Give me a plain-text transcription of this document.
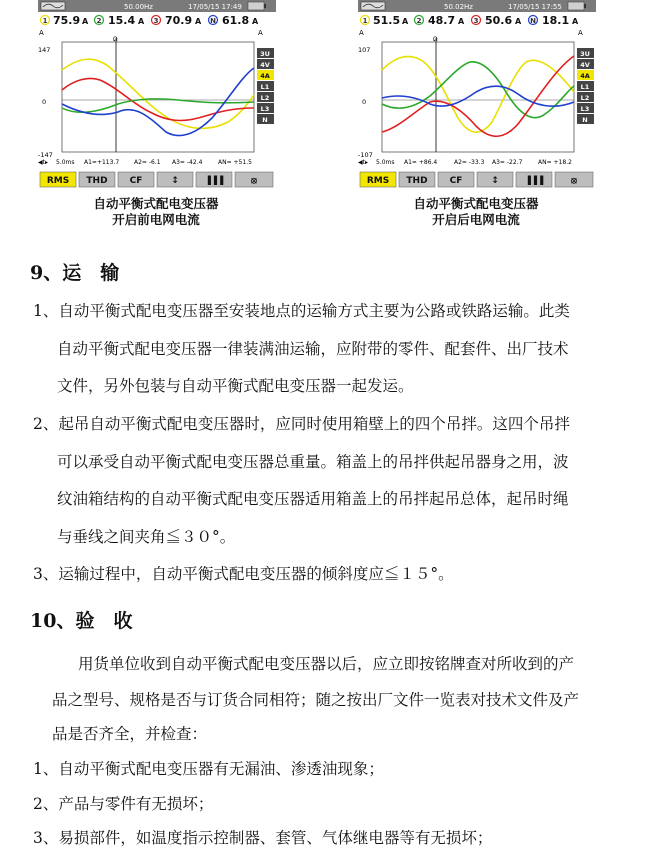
50.00Hz	17/05/15 17:49
1 75.9 A 2 15.4 A 3 70.9 A N 61.8 A
A	A
147
0
-147
Ω
3U
4V
4A
L1
L2
L3
N
◀t▸ 5.0ms A1=+113.7 A2= -6.1 A3= -42.4	AN= +51.5
RMS THD CF	↕	▐▐▐	⦻
50.02Hz	17/05/15 17:55
1 51.5 A 2 48.7 A 3 50.6 A N 18.1 A
A	A
107
0
-107
Ω
3U
4V
4A
L1
L2
L3
N
◀t▸ 5.0ms A1= +86.4	A2= -33.3 A3= -22.7	AN= +18.2
RMS THD CF	↕	▐▐▐	⦻
自动平衡式配电变压器
开启前电网电流
自动平衡式配电变压器
开启后电网电流
9、运　输
1、自动平衡式配电变压器至安装地点的运输方式主要为公路或铁路运输。此类
自动平衡式配电变压器一律装满油运输，应附带的零件、配套件、出厂技术
文件，另外包装与自动平衡式配电变压器一起发运。
2、起吊自动平衡式配电变压器时，应同时使用箱壁上的四个吊拌。这四个吊拌
可以承受自动平衡式配电变压器总重量。箱盖上的吊拌供起吊器身之用，波
纹油箱结构的自动平衡式配电变压器适用箱盖上的吊拌起吊总体，起吊时绳
与垂线之间夹角≦３０°。
3、运输过程中，自动平衡式配电变压器的倾斜度应≦１５°。
10、验　收
用货单位收到自动平衡式配电变压器以后，应立即按铭牌查对所收到的产
品之型号、规格是否与订货合同相符；随之按出厂文件一览表对技术文件及产
品是否齐全，并检查：
1、自动平衡式配电变压器有无漏油、渗透油现象；
2、产品与零件有无损坏；
3、易损部件，如温度指示控制器、套管、气体继电器等有无损坏；
